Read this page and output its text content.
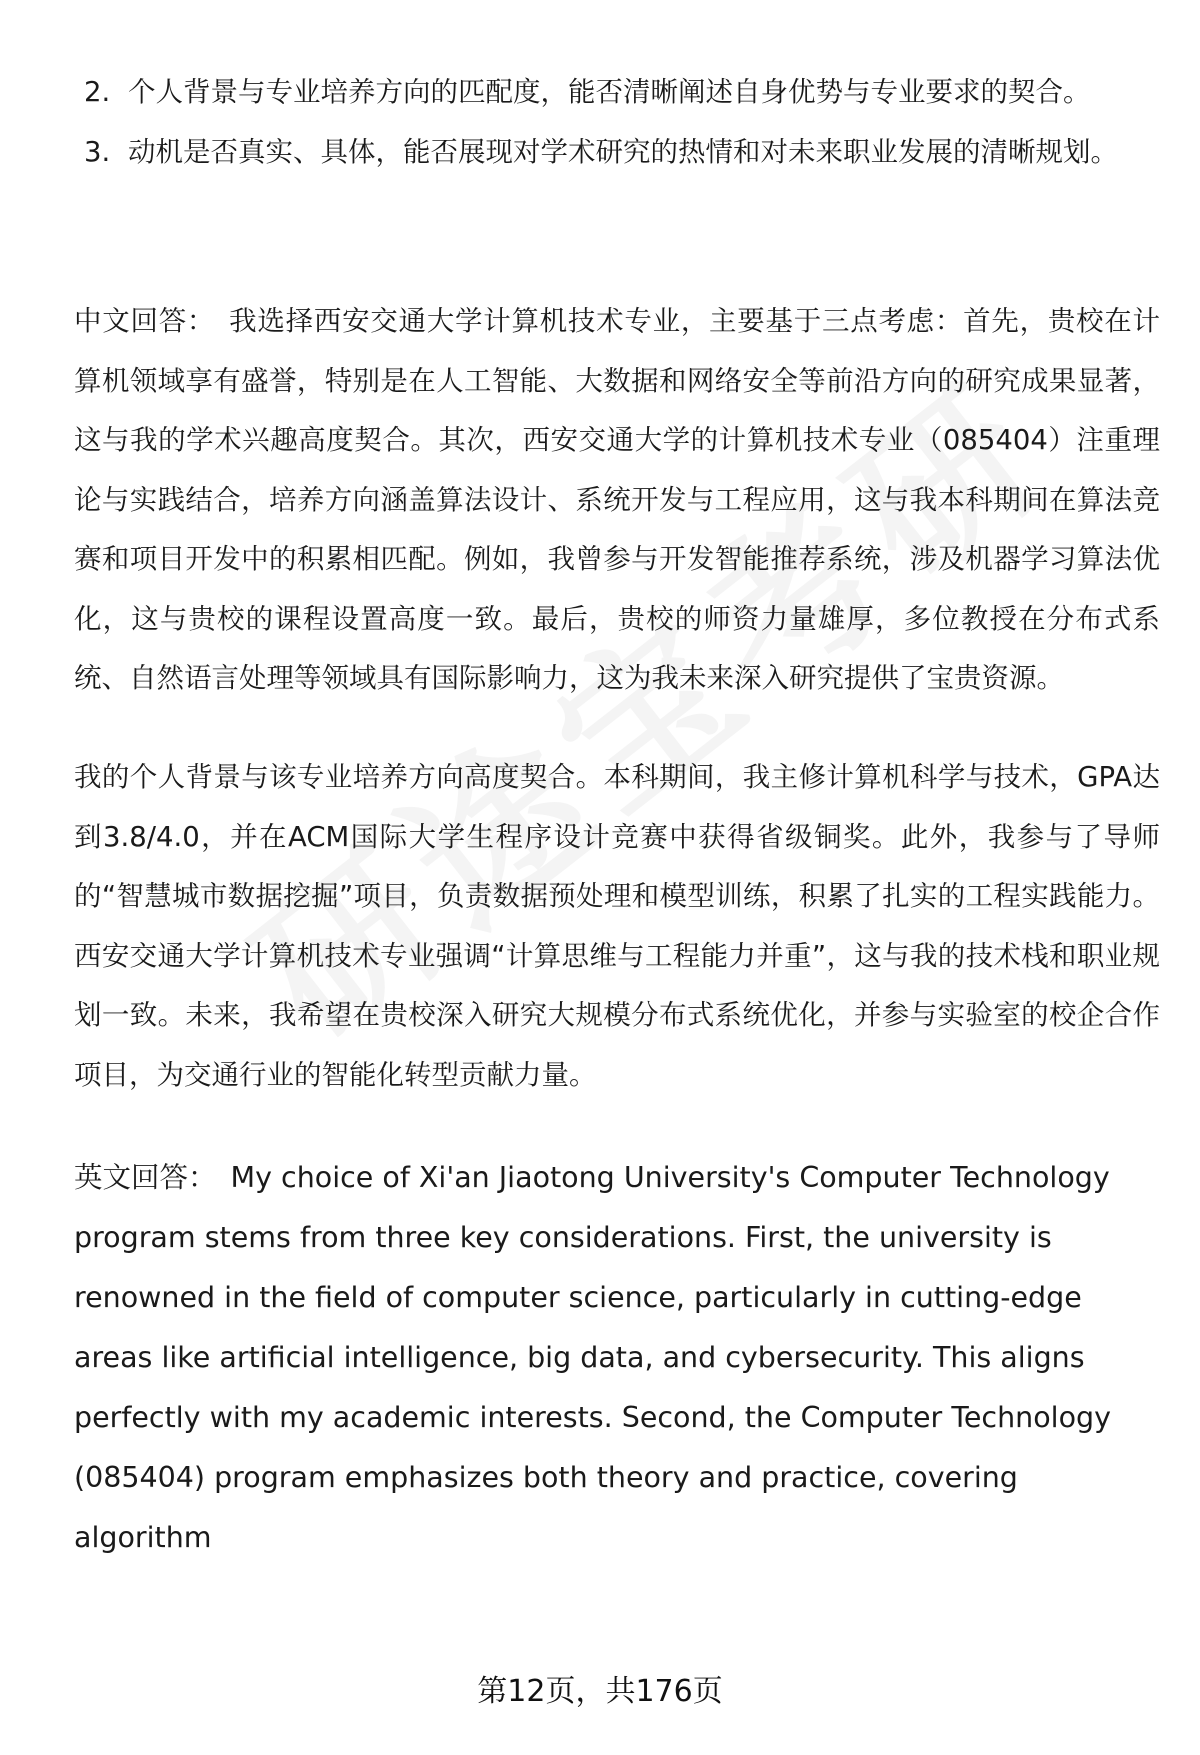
2. 个人背景与专业培养方向的匹配度，能否清晰阐述自身优势与专业要求的契合。
3. 动机是否真实、具体，能否展现对学术研究的热情和对未来职业发展的清晰规划。

中文回答： 我选择西安交通大学计算机技术专业，主要基于三点考虑：首先，贵校在计算机领域享有盛誉，特别是在人工智能、大数据和网络安全等前沿方向的研究成果显著，这与我的学术兴趣高度契合。其次，西安交通大学的计算机技术专业（085404）注重理论与实践结合，培养方向涵盖算法设计、系统开发与工程应用，这与我本科期间在算法竞赛和项目开发中的积累相匹配。例如，我曾参与开发智能推荐系统，涉及机器学习算法优化，这与贵校的课程设置高度一致。最后，贵校的师资力量雄厚，多位教授在分布式系统、自然语言处理等领域具有国际影响力，这为我未来深入研究提供了宝贵资源。

我的个人背景与该专业培养方向高度契合。本科期间，我主修计算机科学与技术，GPA达到3.8/4.0，并在ACM国际大学生程序设计竞赛中获得省级铜奖。此外，我参与了导师的“智慧城市数据挖掘”项目，负责数据预处理和模型训练，积累了扎实的工程实践能力。西安交通大学计算机技术专业强调“计算思维与工程能力并重”，这与我的技术栈和职业规划一致。未来，我希望在贵校深入研究大规模分布式系统优化，并参与实验室的校企合作项目，为交通行业的智能化转型贡献力量。

英文回答： My choice of Xi'an Jiaotong University's Computer Technology program stems from three key considerations. First, the university is renowned in the field of computer science, particularly in cutting-edge areas like artificial intelligence, big data, and cybersecurity. This aligns perfectly with my academic interests. Second, the Computer Technology (085404) program emphasizes both theory and practice, covering algorithm

第12页，共176页
